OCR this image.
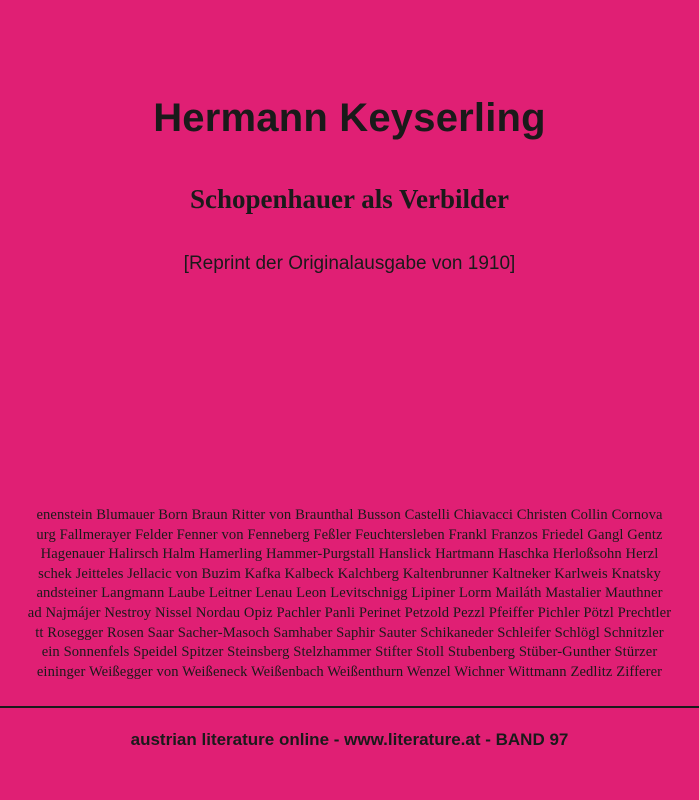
Hermann Keyserling
Schopenhauer als Verbilder
[Reprint der Originalausgabe von 1910]
enenstein Blumauer Born Braun Ritter von Braunthal Busson Castelli Chiavacci Christen Collin Cornova
urg Fallmerayer Felder Fenner von Fenneberg Feßler Feuchtersleben Frankl Franzos Friedel Gangl Gentz
Hagenauer Halirsch Halm Hamerling Hammer-Purgstall Hanslick Hartmann Haschka Herloßsohn Herzl
schek Jeitteles Jellacic von Buzim Kafka Kalbeck Kalchberg Kaltenbrunner Kaltneker Karlweis Knatsky
andsteiner Langmann Laube Leitner Lenau Leon Levitschnigg Lipiner Lorm Mailáth Mastalier Mauthner
ad Najmájer Nestroy Nissel Nordau Opiz Pachler Panli Perinet Petzold Pezzl Pfeiffer Pichler Pötzl Prechtler
tt Rosegger Rosen Saar Sacher-Masoch Samhaber Saphir Sauter Schikaneder Schleifer Schlögl Schnitzler
ein Sonnenfels Speidel Spitzer Steinsberg Stelzhammer Stifter Stoll Stubenberg Stüber-Gunther Stürzer
eininger Weißegger von Weißeneck Weißenbach Weißenthurn Wenzel Wichner Wittmann Zedlitz Zifferer
austrian literature online - www.literature.at - BAND 97
